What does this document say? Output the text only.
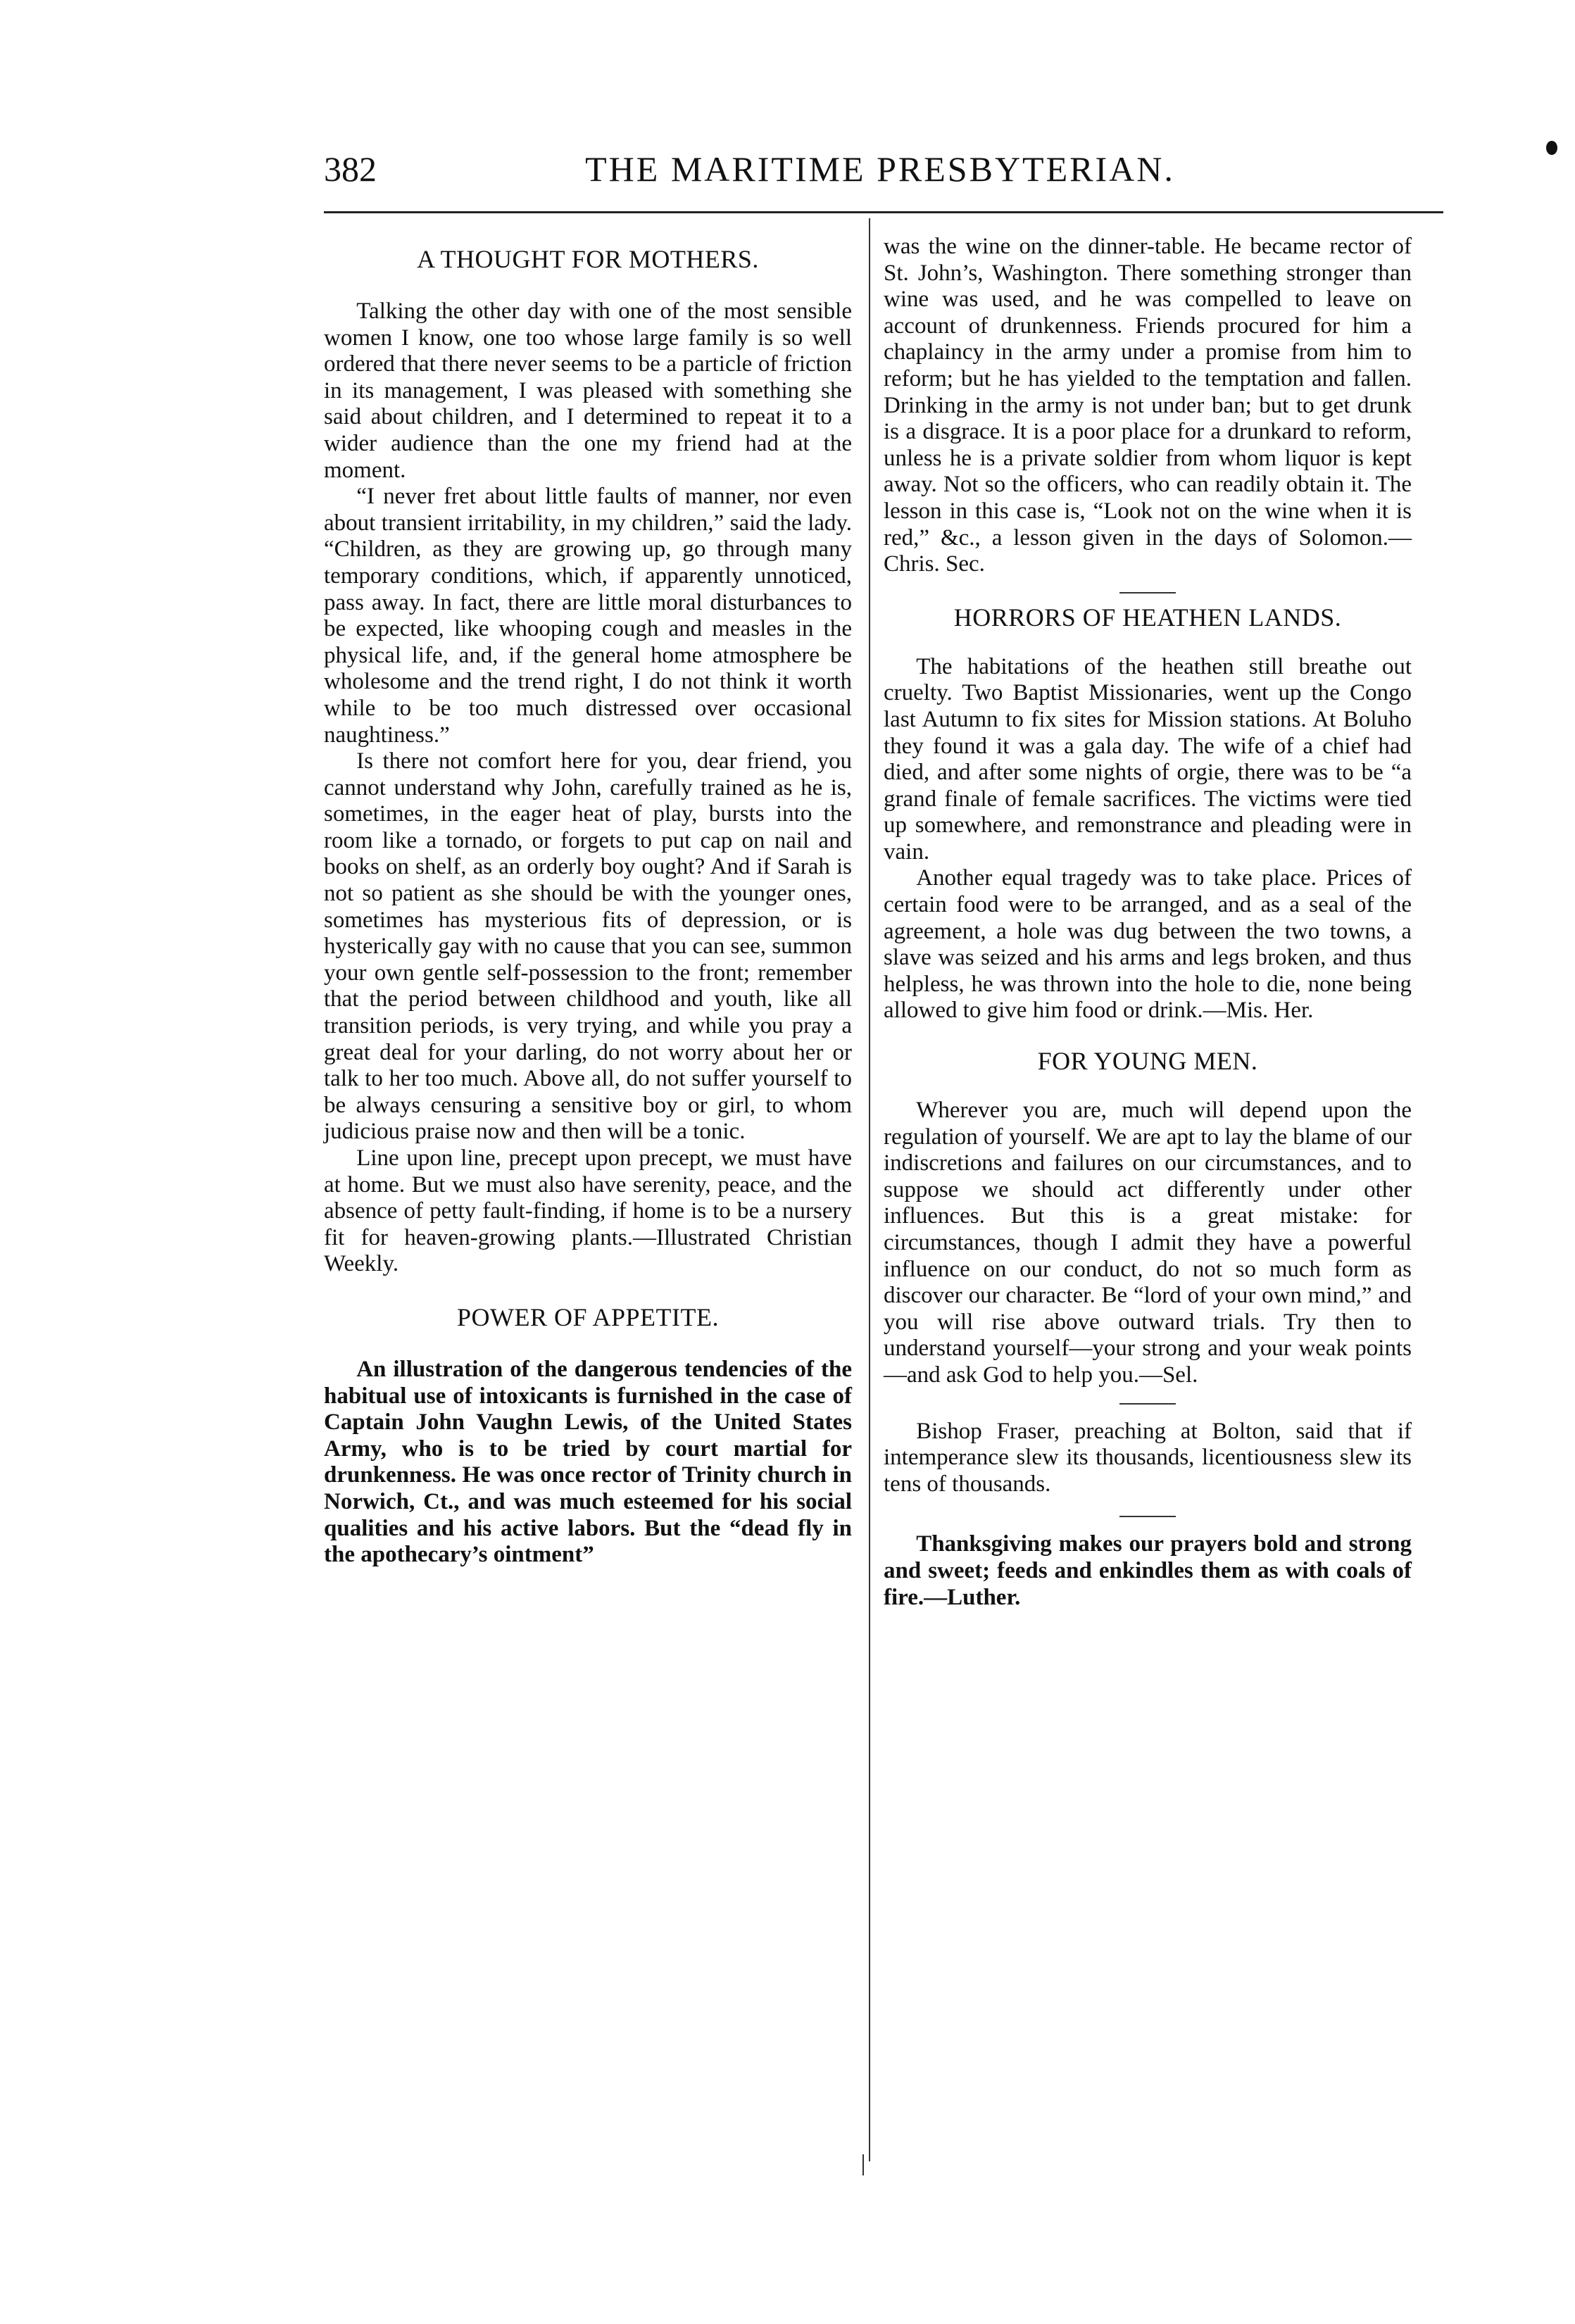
382	THE MARITIME PRESBYTERIAN.
A THOUGHT FOR MOTHERS.

Talking the other day with one of the most sensible women I know, one too whose large family is so well ordered that there never seems to be a particle of friction in its management, I was pleased with something she said about children, and I determined to repeat it to a wider audience than the one my friend had at the moment.

“I never fret about little faults of manner, nor even about transient irritability, in my children,” said the lady. “Children, as they are growing up, go through many temporary conditions, which, if apparently unnoticed, pass away. In fact, there are little moral disturbances to be expected, like whooping cough and measles in the physical life, and, if the general home atmosphere be wholesome and the trend right, I do not think it worth while to be too much distressed over occasional naughtiness.”

Is there not comfort here for you, dear friend, you cannot understand why John, carefully trained as he is, sometimes, in the eager heat of play, bursts into the room like a tornado, or forgets to put cap on nail and books on shelf, as an orderly boy ought? And if Sarah is not so patient as she should be with the younger ones, sometimes has mysterious fits of depression, or is hysterically gay with no cause that you can see, summon your own gentle self-possession to the front; remember that the period between childhood and youth, like all transition periods, is very trying, and while you pray a great deal for your darling, do not worry about her or talk to her too much. Above all, do not suffer yourself to be always censuring a sensitive boy or girl, to whom judicious praise now and then will be a tonic.

Line upon line, precept upon precept, we must have at home. But we must also have serenity, peace, and the absence of petty fault-finding, if home is to be a nursery fit for heaven-growing plants.—Illustrated Christian Weekly.

POWER OF APPETITE.

An illustration of the dangerous tendencies of the habitual use of intoxicants is furnished in the case of Captain John Vaughn Lewis, of the United States Army, who is to be tried by court martial for drunkenness. He was once rector of Trinity church in Norwich, Ct., and was much esteemed for his social qualities and his active labors. But the “dead fly in the apothecary’s ointment”

was the wine on the dinner-table. He became rector of St. John’s, Washington. There something stronger than wine was used, and he was compelled to leave on account of drunkenness. Friends procured for him a chaplaincy in the army under a promise from him to reform; but he has yielded to the temptation and fallen. Drinking in the army is not under ban; but to get drunk is a disgrace. It is a poor place for a drunkard to reform, unless he is a private soldier from whom liquor is kept away. Not so the officers, who can readily obtain it. The lesson in this case is, “Look not on the wine when it is red,” &c., a lesson given in the days of Solomon.—Chris. Sec.

HORRORS OF HEATHEN LANDS.

The habitations of the heathen still breathe out cruelty. Two Baptist Missionaries, went up the Congo last Autumn to fix sites for Mission stations. At Boluho they found it was a gala day. The wife of a chief had died, and after some nights of orgie, there was to be “a grand finale of female sacrifices. The victims were tied up somewhere, and remonstrance and pleading were in vain.

Another equal tragedy was to take place. Prices of certain food were to be arranged, and as a seal of the agreement, a hole was dug between the two towns, a slave was seized and his arms and legs broken, and thus helpless, he was thrown into the hole to die, none being allowed to give him food or drink.—Mis. Her.

FOR YOUNG MEN.

Wherever you are, much will depend upon the regulation of yourself. We are apt to lay the blame of our indiscretions and failures on our circumstances, and to suppose we should act differently under other influences. But this is a great mistake: for circumstances, though I admit they have a powerful influence on our conduct, do not so much form as discover our character. Be “lord of your own mind,” and you will rise above outward trials. Try then to understand yourself—your strong and your weak points—and ask God to help you.—Sel.

Bishop Fraser, preaching at Bolton, said that if intemperance slew its thousands, licentiousness slew its tens of thousands.

Thanksgiving makes our prayers bold and strong and sweet; feeds and enkindles them as with coals of fire.—Luther.
